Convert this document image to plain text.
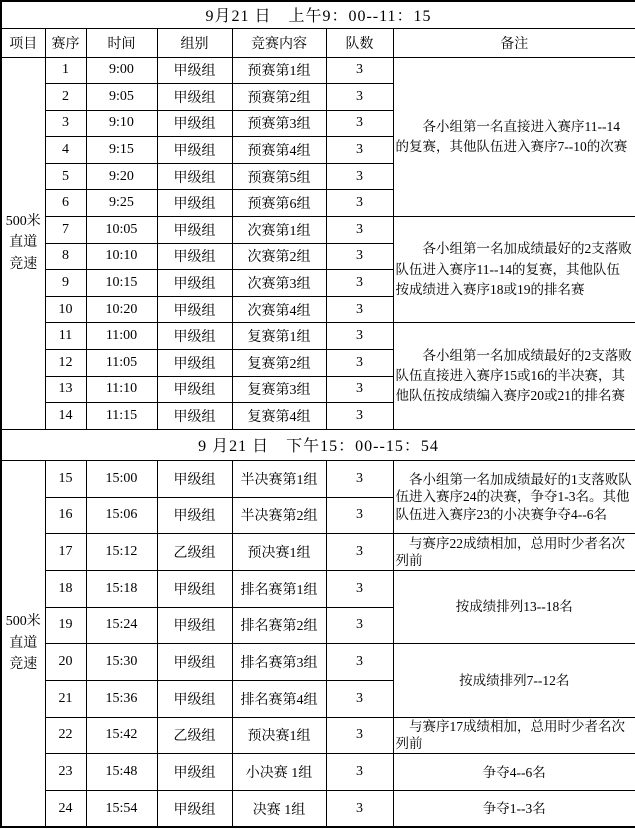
9月21 日　上午9：00--11：15						
项目	赛序	时间	组别	竞赛内容	队数	备注
500米直道竞速	1	9:00	甲级组	预赛第1组	3	各小组第一名直接进入赛序11--14的复赛，其他队伍进入赛序7--10的次赛
	2	9:05	甲级组	预赛第2组	3	
	3	9:10	甲级组	预赛第3组	3	
	4	9:15	甲级组	预赛第4组	3	
	5	9:20	甲级组	预赛第5组	3	
	6	9:25	甲级组	预赛第6组	3	
	7	10:05	甲级组	次赛第1组	3	各小组第一名加成绩最好的2支落败队伍进入赛序11--14的复赛，其他队伍按成绩进入赛序18或19的排名赛
	8	10:10	甲级组	次赛第2组	3	
	9	10:15	甲级组	次赛第3组	3	
	10	10:20	甲级组	次赛第4组	3	
	11	11:00	甲级组	复赛第1组	3	各小组第一名加成绩最好的2支落败队伍直接进入赛序15或16的半决赛，其他队伍按成绩编入赛序20或21的排名赛
	12	11:05	甲级组	复赛第2组	3	
	13	11:10	甲级组	复赛第3组	3	
	14	11:15	甲级组	复赛第4组	3	
9 月21 日　下午15：00--15：54						
500米直道竞速	15	15:00	甲级组	半决赛第1组	3	各小组第一名加成绩最好的1支落败队伍进入赛序24的决赛，争夺1-3名。其他队伍进入赛序23的小决赛争夺4--6名
	16	15:06	甲级组	半决赛第2组	3	
	17	15:12	乙级组	预决赛1组	3	与赛序22成绩相加，总用时少者名次列前
	18	15:18	甲级组	排名赛第1组	3	按成绩排列13--18名
	19	15:24	甲级组	排名赛第2组	3	
	20	15:30	甲级组	排名赛第3组	3	按成绩排列7--12名
	21	15:36	甲级组	排名赛第4组	3	
	22	15:42	乙级组	预决赛1组	3	与赛序17成绩相加，总用时少者名次列前
	23	15:48	甲级组	小决赛 1组	3	争夺4--6名
	24	15:54	甲级组	决赛 1组	3	争夺1--3名
